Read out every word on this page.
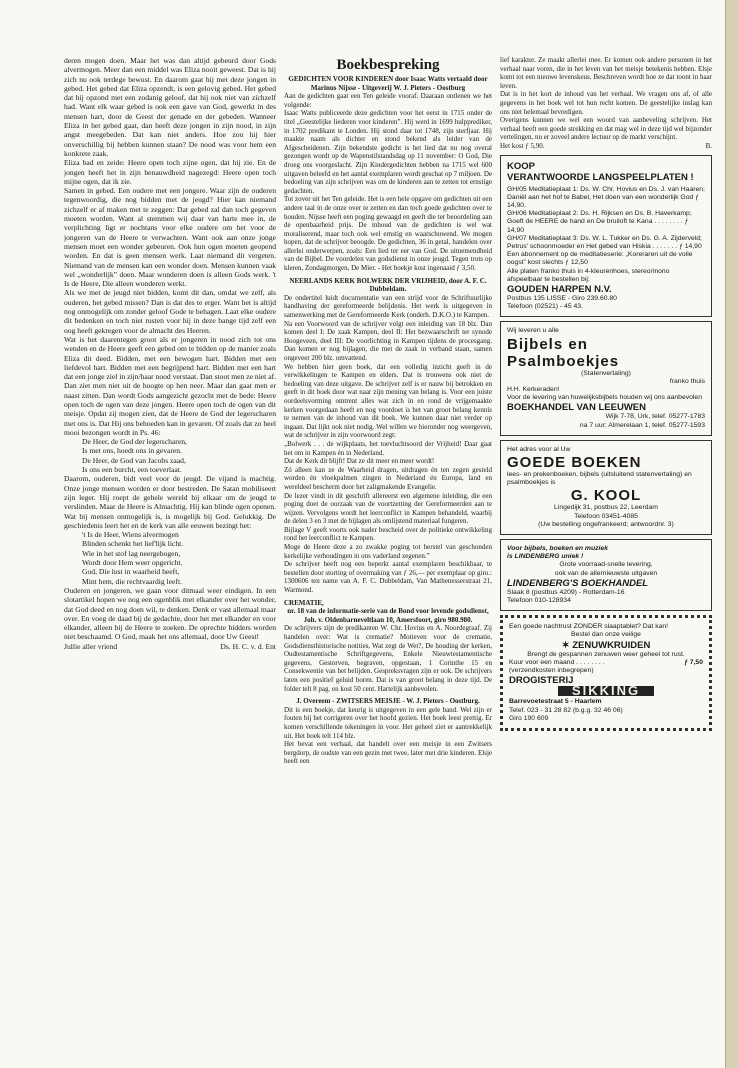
deren mogen doen. Maar het was dan altijd gebeurd door Gods alvermogen. Meer dan een middel was Eliza nooit geweest. Dat is hij zich nu ook terdege bewust. En daarom gaat hij met deze jongen in gebed. Het gebed dat Eliza opzendt, is een gelovig gebed. Het gebed dat hij opzond met een zodanig geloof, dat hij ook niet van zichzelf had. Want elk waar gebed is ook een gave van God, gewerkt in des mensen hart, door de Geest der genade en der gebeden. Wanneer Eliza in het gebed gaat, dan heeft deze jongen in zijn nood, in zijn angst meegebeden. Dat kan niet anders. Hoe zou hij hier onverschillig bij hebben kunnen staan? De nood was voor hem een konkrete zaak.

Eliza bad en zeide: Heere open toch zijne ogen, dat hij zie. En de jongen heeft het in zijn benauwdheid nagezegd: Heere open toch mijne ogen, dat ik zie.

Samen in gebed. Een oudere met een jongere. Waar zijn de ouderen tegenwoordig, die nog bidden met de jeugd? Hier kan niemand zichzelf er af maken met te zeggen: Dat gebed zal dan toch gegeven moeten worden. Want al stemmen wij daar van harte mee in, de verplichting ligt er nochtans voor elke oudere om het voor de jongeren van de Heere te verwachten. Want ook aan onze jonge mensen moet een wonder gebeuren. Ook hun ogen moeten geopend worden. En dat is geen mensen werk. Laat niemand dit vergeten. Niemand van de mensen kan een wonder doen. Mensen kunnen vaak wel „wonderlijk” doen. Maar wonderen doen is alleen Gods werk. 't Is de Heere, Die alleen wonderen werkt.

Als we met de jeugd niet bidden, komt dit dan, omdat we zelf, als ouderen, het gebed missen? Dan is dat des te erger. Want het is altijd nog onmogelijk om zonder geloof Gode te behagen. Laat elke oudere dit bedenken en toch niet rusten voor hij in deze bange tijd zelf een oog heeft gekregen voor de almacht des Heeren.

Wat is het daarentegen groot als er jongeren in nood zich tot ons wenden en de Heere geeft een gebed om te bidden op de manier zoals Eliza dit deed. Bidden, met een bewogen hart. Bidden met een liefdevol hart. Bidden met een begrijpend hart. Bidden met een hart dat een jonge ziel in zijn/haar nood verstaat. Dan stoot men ze niet af. Dan ziet men niet uit de hoogte op hen neer. Maar dan gaat men er naast zitten. Dan wordt Gods aangezicht gezocht met de bede: Heere open toch de ogen van deze jongen. Heere open toch de ogen van dit meisje. Opdat zij mogen zien, dat de Heere de God der legerscharen met ons is. Dat Hij ons behoeden kan in gevaren. Of zoals dat zo heel mooi bezongen wordt in Ps. 46:

De Heer, de God der legerscharen,
Is met ons, hoedt ons in gevaren.
De Heer, de God van Jacobs zaad,
Is ons een burcht, een toeverlaat.

Daarom, ouderen, bidt veel voor de jeugd. De vijand is machtig. Onze jonge mensen worden er door bestreden. De Satan mobiliseert zijn leger. Hij roept de gehele wereld bij elkaar om de jeugd te verslinden. Maar de Heere is Almachtig. Hij kan blinde ogen openen. Wat bij mensen onmogelijk is, is mogelijk bij God. Gelukkig. De geschiedenis leert het en de kerk van alle eeuwen bezingt het:

't Is de Heer, Wiens alvermogen
Blinden schenkt het lief'lijk licht.
Wie in het stof lag neergebogen,
Wordt door Hem weer opgericht.
God, Die lust in waarheid heeft,
Mint hem, die rechtvaardig leeft.

Ouderen en jongeren, we gaan voor ditmaal weer eindigen. In een slotartikel hopen we nog een ogenblik met elkander over het wonder, dat God deed en nog doen wil, te denken. Denk er vast allemaal maar over. En voeg de daad bij de gedachte, door het met elkander en voor elkander, alleen bij de Heere te zoeken. De oprechte bidders worden niet beschaamd. O God, maak het ons allemaal, door Uw Geest!

Jullie aller vriend	Ds. H. C. v. d. Ent
Boekbespreking

GEDICHTEN VOOR KINDEREN door Isaac Watts vertaald door Marinus Nijsse - Uitgeverij W. J. Pieters - Oostburg

Aan de gedichten gaat een Ten geleide vooraf. Daaraan ontlenen we het volgende:

Isaac Watts publiceerde deze gedichten voor het eerst in 1715 onder de titel „Geestelijke liederen voor kinderen”. Hij werd in 1699 hulpprediker, in 1702 predikant te Londen. Hij stond daar tot 1748, zijn sterfjaar. Hij maakte naam als dichter en stond bekend als leider van de Afgescheidenen. Zijn bekendste gedicht is het lied dat nu nog overal gezongen wordt op de Wapenstilstandsdag op 11 november: O God, Die droeg ons voorgeslacht. Zijn Kindergedichten hebben na 1715 wel 600 uitgaven beleefd en het aantal exemplaren wordt geschat op 7 miljoen. De bedoeling van zijn schrijven was om de kinderen aan te zetten tot ernstige gedachten.

Tot zover uit het Ten geleide. Het is een hele opgave om gedichten uit een andere taal in de onze over te zetten en dan toch goede gedichten over te houden. Nijsse heeft een poging gewaagd en geeft die ter beoordeling aan de openbaarheid prijs. De inhoud van de gedichten is wel wat moraliserend, maar toch ook wel ernstig en waarschuwend. We mogen hopen, dat de schrijver beoogde. De gedichten, 36 in getal, handelen over allerlei onderwerpen, zoals: Een lied ter eer van God. De uitnemendheid van de Bijbel. De voordelen van godsdienst in onze jeugd. Tegen trots op kleren, Zondagmorgen, De Mier. - Het boekje kost ingenaaid ƒ 3,50.

NEERLANDS KERK BOLWERK DER VRIJHEID, door A. F. C. Dubbeldam.

De ondertitel luidt documentatie van een strijd voor de Schriftuurlijke handhaving der gereformeerde belijdenis. Het werk is uitgegeven in samenwerking met de Gereformeerde Kerk (onderh. D.K.O.) te Kampen.

Na een Voorwoord van de schrijver volgt een inleiding van 18 blz. Dan komen deel I: De zaak Kampen, deel II: Het bezwaarschrift ter synode Hoogeveen, deel III: De voorlichting in Kampen tijdens de procesgang. Dan komen er nog bijlagen, die met de zaak in verband staan, samen ongeveer 200 blz. omvattend.

We hebben hier geen boek, dat een volledig inzicht geeft in de verwikkelingen te Kampen en elders. Dat is trouwens ook niet de bedoeling van deze uitgave. De schrijver zelf is er nauw bij betrokken en geeft in dit boek door wat naar zijn mening van belang is. Voor een juiste oordeelsvorming omtrent alles wat zich in en rond de vrijgemaakte kerken voorgedaan heeft en nog voordoet is het van groot belang kennis te nemen van de inhoud van dit boek. We kunnen daar niet verder op ingaan. Dat lijkt ook niet nodig. Wel willen we hieronder nog weergeven, wat de schrijver in zijn voorwoord zegt:

„Bolwerk . . . de wijkplaats, het toevluchtsoord der Vrijheid! Daar gaat het om in Kampen én in Nederland.

Dat de Kerk dit blijft! Dat ze dit meer en meer wordt!

Zó alleen kan ze de Waarheid dragen, uitdragen én ten zegen gesteld worden én vloekpalmen zingen in Nederland én Europa, land en wereldeel bescherm door het zaligmakende Evangelie.

De lezer vindt in dit geschrift allereerst een algemene inleiding, die een poging doet de oorzaak van de voortzetting der Gereformeerden aan te wijzen. Vervolgens wordt het leerconflict in Kampen behandeld, waarbij de delen 3 en 3 met de bijlagen als omlijstend materiaal fungeren.

Bijlage V geeft voorts ook nader bescheid over de politieke ontwikkeling rond het leerconflict te Kampen.

Moge de Heere deze a zo zwakke poging tot herstel van geschonden kerkelijke verhoudingen in ons vaderland zegenen.”

De schrijver heeft nog een beperkt aantal exemplaren beschikbaar, te bestellen door storting of overmaking van ƒ 26,— per exemplaar op giro.: 1300606 ten name van A. F. C. Dubbeldam, Van Mathenesserstraat 21, Warmond.

CREMATIE,

nr. 18 van de informatie-serie van de Bond voor levende godsdienst, Joh. v. Oldenbarneveltlaan 10, Amersfoort, giro 980.980.

De schrijvers zijn de predikanten W. Chr. Hovius en A. Noordegraaf. Zij handelen over: Wat is crematie? Motieven voor de crematie, Godsdiensthistorische notities, Wat zegt de Wet?, De houding der kerken, Oudtestamentische Schriftgegevens, Enkele Nieuwtestamentische gegevens, Gestorven, begraven, opgestaan, 1 Corinthe 15 en Consekwentie van het belijden. Gespreksvragen zijn er ook. De schrijvers laten een positief geluid horen. Dat is van groot belang in deze tijd. De folder telt 8 pag. en kost 50 cent. Hartelijk aanbevolen.

J. Overeem - ZWITSERS MEISJE - W. J. Pieters - Oostburg.

Dit is een boekje, dat keurig is uitgegeven in een gele band. Wel zijn er fouten bij het corrigeren over het hoofd gezien. Het boek leest prettig. Er komen verschillende tekeningen in voor. Het geheel ziet er aantrekkelijk uit. Het boek telt 114 blz.

Het bevat een verhaal, dat handelt over een meisje in een Zwitsers bergdorp, de oudste van een gezin met twee, later met drie kinderen. Elsje heeft een

lief karakter. Ze maakt allerlei mee. Er komen ook andere personen in het verhaal naar voren, die in het leven van het meisje betekenis hebben. Elsje komt tot een nieuwe levenskeus. Beschreven wordt hoe ze dat toont in haar leven.

Dat is in het kort de inhoud van het verhaal. We vragen ons af, of alle gegevens in het boek wel tot hun recht komen. De geestelijke inslag kan ons niet helemaal bevredigen.

Overigens kunnen we wel een woord van aanbeveling schrijven. Het verhaal heeft een goede strekking en dat mag wel in deze tijd wel bijzonder vertelingen, nu er zoveel andere lectuur op de markt verschijnt.

Het kost ƒ 5,90.	B.
KOOP
VERANTWOORDE LANGSPEELPLATEN !
GH/05 Meditatieplaat 1: Ds. W. Chr. Hovius en Ds. J. van Haaren; Daniël aan het hof te Babel, Het doen van een wonderlijk God ƒ 14,90.
GH/06 Meditatieplaat 2: Ds. H. Rijksen en Ds. B. Haverkamp; Goeft de HEERE de hand en De bruiloft te Kana . . . . . . . . ƒ 14,90
GH/07 Meditatieplaat 3: Ds. W. L. Tukker en Ds. G. A. Zijderveld; Petrus' schoonmoeder en Het gebed van Hiskia . . . . . . . ƒ 14,90
Een abonnement op de meditatieserie: „Koreraren uit de volle oogst” kost slechts ƒ 12,50
Alle platen franko thuis in 4-kleurenhoes, stereo/mono afspeelbaar te bestellen bij:
GOUDEN HARPEN N.V.
Postbus 135 LISSE - Giro 239.60.80
Telefoon (02521) - 45 43.
Wij leveren u alle
Bijbels en Psalmboekjes
(Statenvertaling)
franko thuis
H.H. Kerkeraden!
Voor de levering van huwelijksbijbels houden wij ons aanbevolen
BOEKHANDEL VAN LEEUWEN
Wijk 7-78, Urk, telef. 05277-1783
na 7 uur; Almerelaan 1, telef. 05277-1593
Het adres voor al Uw
GOEDE BOEKEN
lees- en prekenboeken, bijbels (uitsluitend statenvertaling) en psalmboekjes is
G. KOOL
Lingedijk 31, postbus 22, Leerdam
Telefoon 03451-4085
(Uw bestelling ongefrankeerd; antwoordnr. 3)
Voor bijbels, boeken en muziek
is LINDENBERG uniek !
Grote voorraad-snelle levering,
ook van de allernieuwste uitgaven
LINDENBERG'S BOEKHANDEL
Slaak 8 (postbus 4209) - Rotterdam-16
Telefoon 010-128934
Een goede nachtrust ZONDER slaaptablet? Dat kan!
Bestel dan onze veilige
✶ ZENUWKRUIDEN
Brengt de gespannen zenuwen weer geheel tot rust.
Kuur voor een maand . . . . . . . .	ƒ 7,50
(verzendkosten inbegrepen)
DROGISTERIJ
SIKKING
Barrevoetestraat 5 - Haarlem
Telef. 023 - 31 28 82 (b.g.g. 32 46 06)
Giro 190 609
